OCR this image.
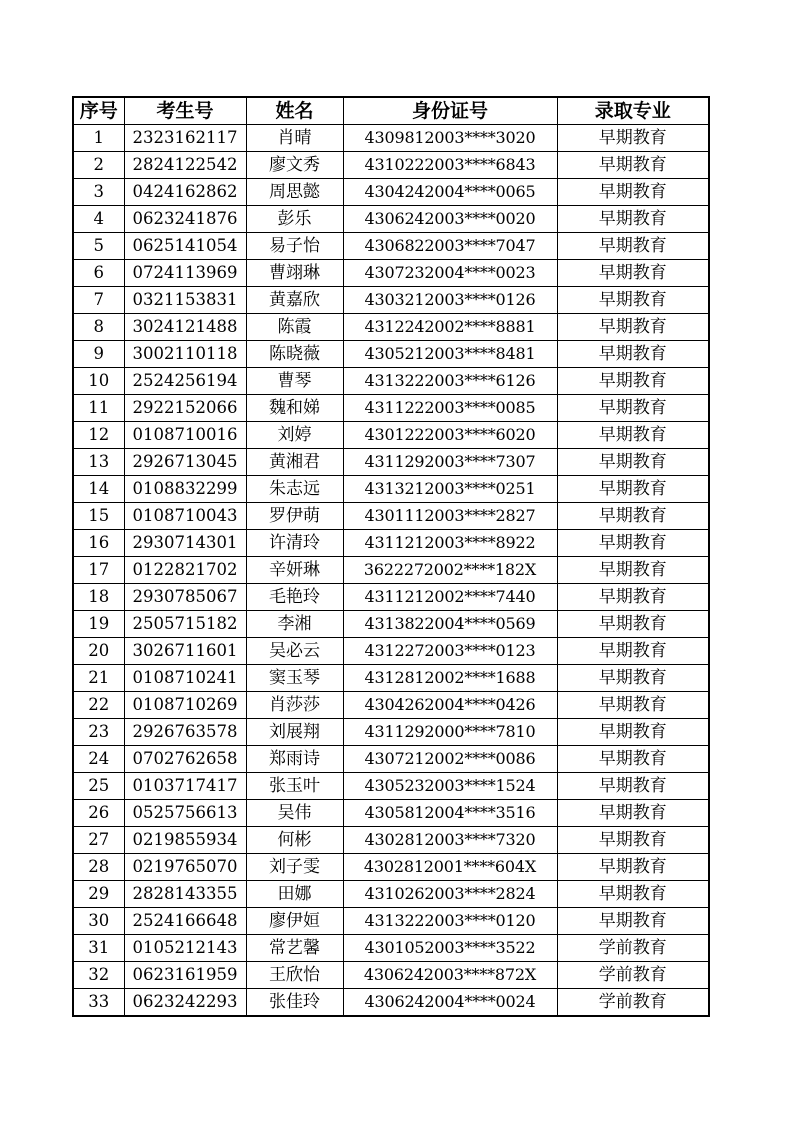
序号	考生号	姓名	身份证号	录取专业
1	2323162117	肖晴	4309812003****3020	早期教育
2	2824122542	廖文秀	4310222003****6843	早期教育
3	0424162862	周思懿	4304242004****0065	早期教育
4	0623241876	彭乐	4306242003****0020	早期教育
5	0625141054	易子怡	4306822003****7047	早期教育
6	0724113969	曹翊琳	4307232004****0023	早期教育
7	0321153831	黄嘉欣	4303212003****0126	早期教育
8	3024121488	陈霞	4312242002****8881	早期教育
9	3002110118	陈晓薇	4305212003****8481	早期教育
10	2524256194	曹琴	4313222003****6126	早期教育
11	2922152066	魏和娣	4311222003****0085	早期教育
12	0108710016	刘婷	4301222003****6020	早期教育
13	2926713045	黄湘君	4311292003****7307	早期教育
14	0108832299	朱志远	4313212003****0251	早期教育
15	0108710043	罗伊萌	4301112003****2827	早期教育
16	2930714301	许清玲	4311212003****8922	早期教育
17	0122821702	辛妍琳	3622272002****182X	早期教育
18	2930785067	毛艳玲	4311212002****7440	早期教育
19	2505715182	李湘	4313822004****0569	早期教育
20	3026711601	吴必云	4312272003****0123	早期教育
21	0108710241	窦玉琴	4312812002****1688	早期教育
22	0108710269	肖莎莎	4304262004****0426	早期教育
23	2926763578	刘展翔	4311292000****7810	早期教育
24	0702762658	郑雨诗	4307212002****0086	早期教育
25	0103717417	张玉叶	4305232003****1524	早期教育
26	0525756613	吴伟	4305812004****3516	早期教育
27	0219855934	何彬	4302812003****7320	早期教育
28	0219765070	刘子雯	4302812001****604X	早期教育
29	2828143355	田娜	4310262003****2824	早期教育
30	2524166648	廖伊姮	4313222003****0120	早期教育
31	0105212143	常艺馨	4301052003****3522	学前教育
32	0623161959	王欣怡	4306242003****872X	学前教育
33	0623242293	张佳玲	4306242004****0024	学前教育
